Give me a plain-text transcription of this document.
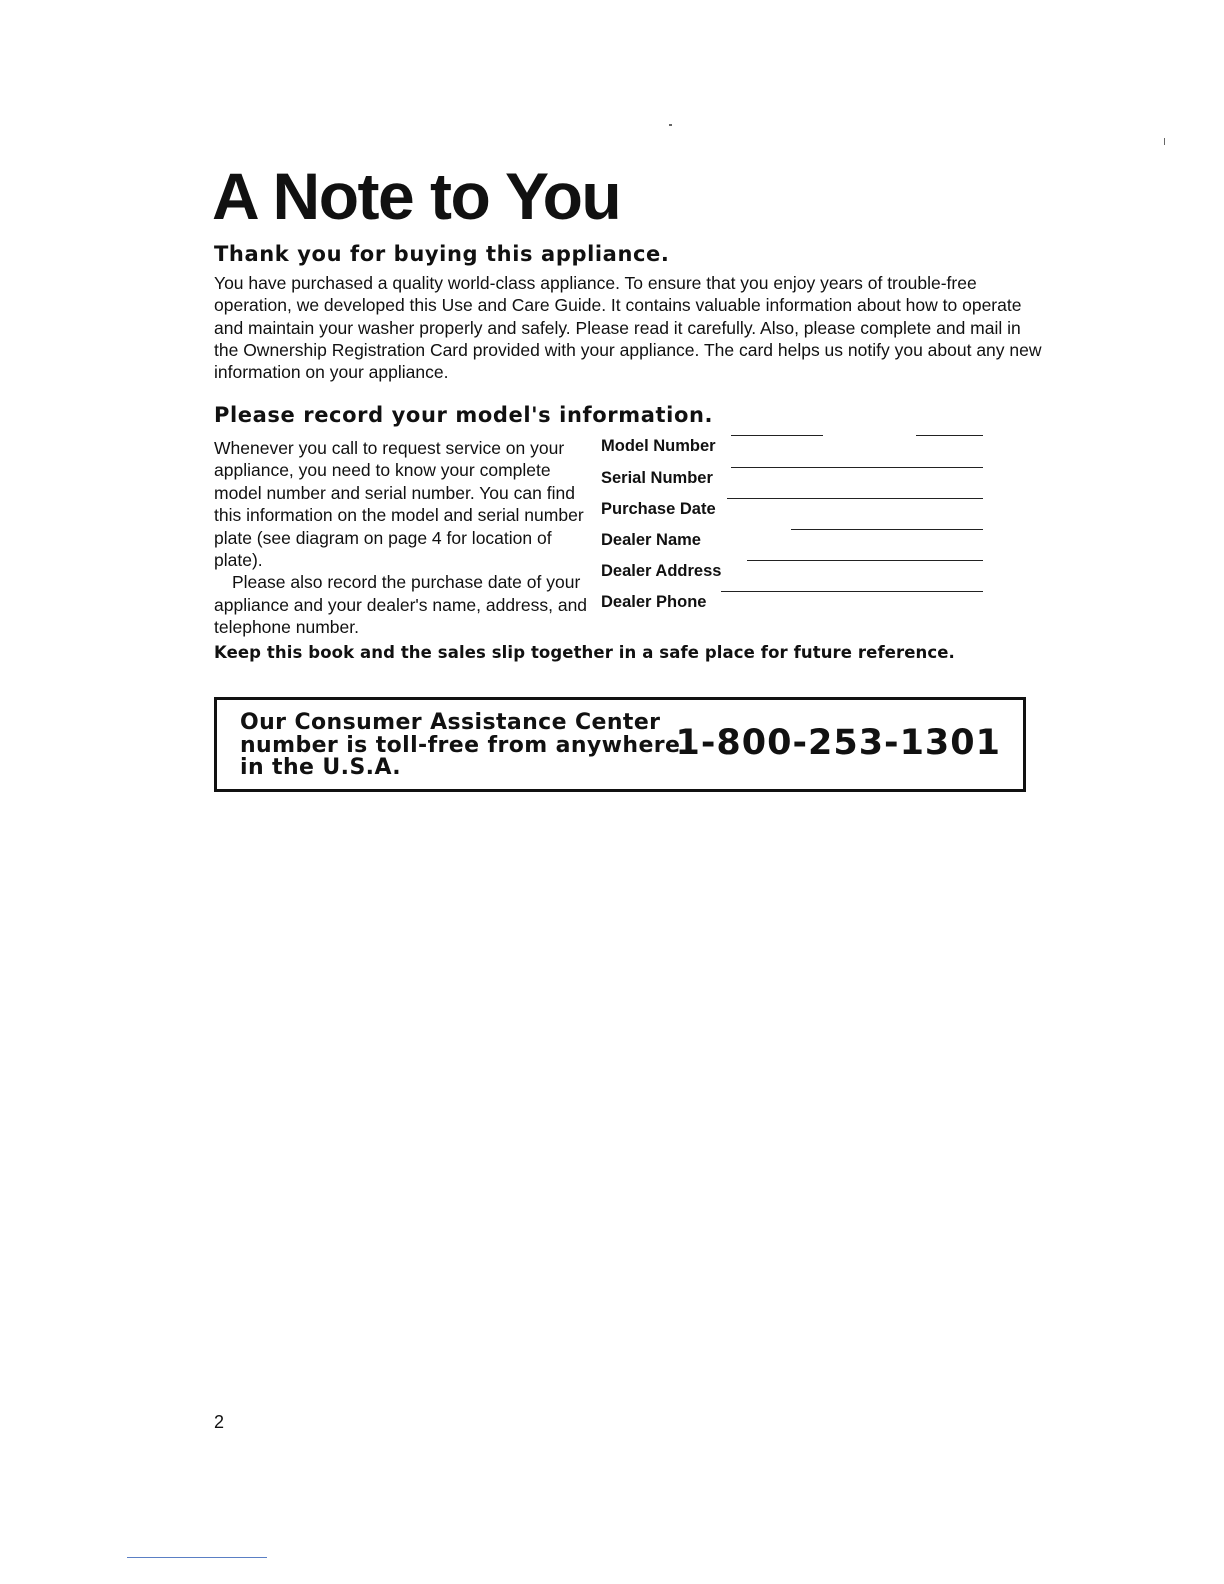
A Note to You
Thank you for buying this appliance.

You have purchased a quality world-class appliance. To ensure that you enjoy years of trouble-free operation, we developed this Use and Care Guide. It contains valuable information about how to operate and maintain your washer properly and safely. Please read it carefully. Also, please complete and mail in the Ownership Registration Card provided with your appliance. The card helps us notify you about any new information on your appliance.

Please record your model's information.
Whenever you call to request service on your appliance, you need to know your complete model number and serial number. You can find this information on the model and serial number plate (see diagram on page 4 for location of plate).
Please also record the purchase date of your appliance and your dealer's name, address, and telephone number.
Model Number
Serial Number
Purchase Date
Dealer Name
Dealer Address
Dealer Phone

Keep this book and the sales slip together in a safe place for future reference.

Our Consumer Assistance Center
number is toll-free from anywhere
in the U.S.A.

1-800-253-1301

2
